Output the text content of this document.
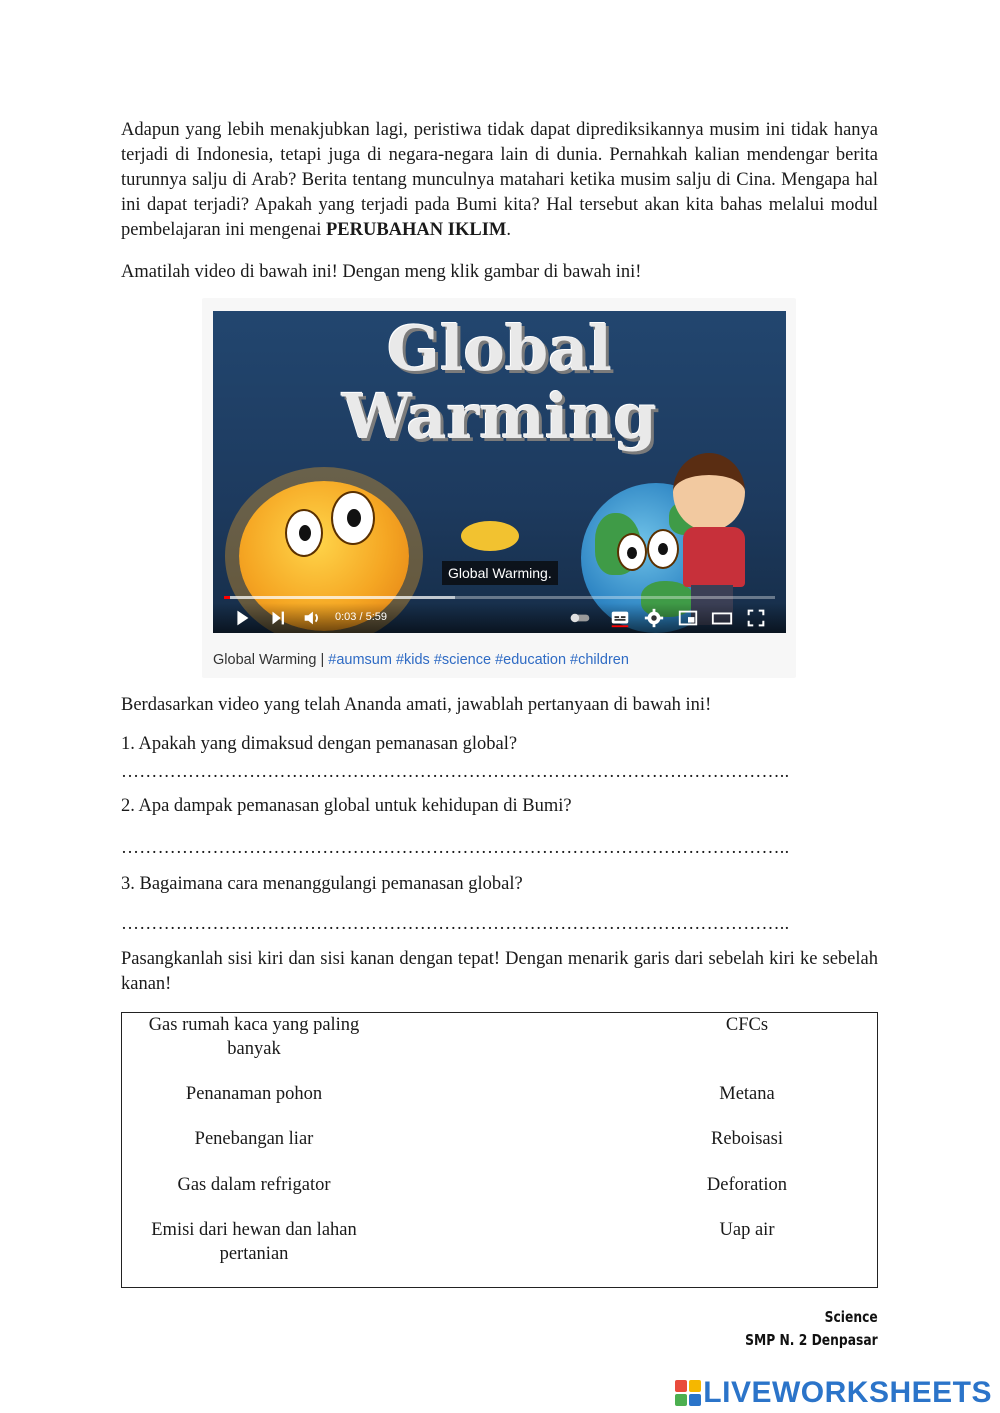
Adapun yang lebih menakjubkan lagi, peristiwa tidak dapat diprediksikannya musim ini tidak hanya terjadi di Indonesia, tetapi juga di negara-negara lain di dunia. Pernahkah kalian mendengar berita turunnya salju di Arab? Berita tentang munculnya matahari ketika musim salju di Cina. Mengapa hal ini dapat terjadi? Apakah yang terjadi pada Bumi kita? Hal tersebut akan kita bahas melalui modul pembelajaran ini mengenai PERUBAHAN IKLIM.

Amatilah video di bawah ini! Dengan meng klik gambar di bawah ini!

Global
Warming
Global Warming.
0:03 / 5:59
Global Warming | #aumsum #kids #science #education #children

Berdasarkan video yang telah Ananda amati, jawablah pertanyaan di bawah ini!

1. Apakah yang dimaksud dengan pemanasan global?

………………………………………………………………………………………………..

2. Apa dampak pemanasan global untuk kehidupan di Bumi?

………………………………………………………………………………………………..

3. Bagaimana cara menanggulangi pemanasan global?

………………………………………………………………………………………………..

Pasangkanlah sisi kiri dan sisi kanan dengan tepat! Dengan menarik garis dari sebelah kiri ke sebelah kanan!

Gas rumah kaca yang paling banyak
Penanaman pohon
Penebangan liar
Gas dalam refrigator
Emisi dari hewan dan lahan pertanian
CFCs
Metana
Reboisasi
Deforation
Uap air
Science
SMP N. 2 Denpasar
LIVEWORKSHEETS
